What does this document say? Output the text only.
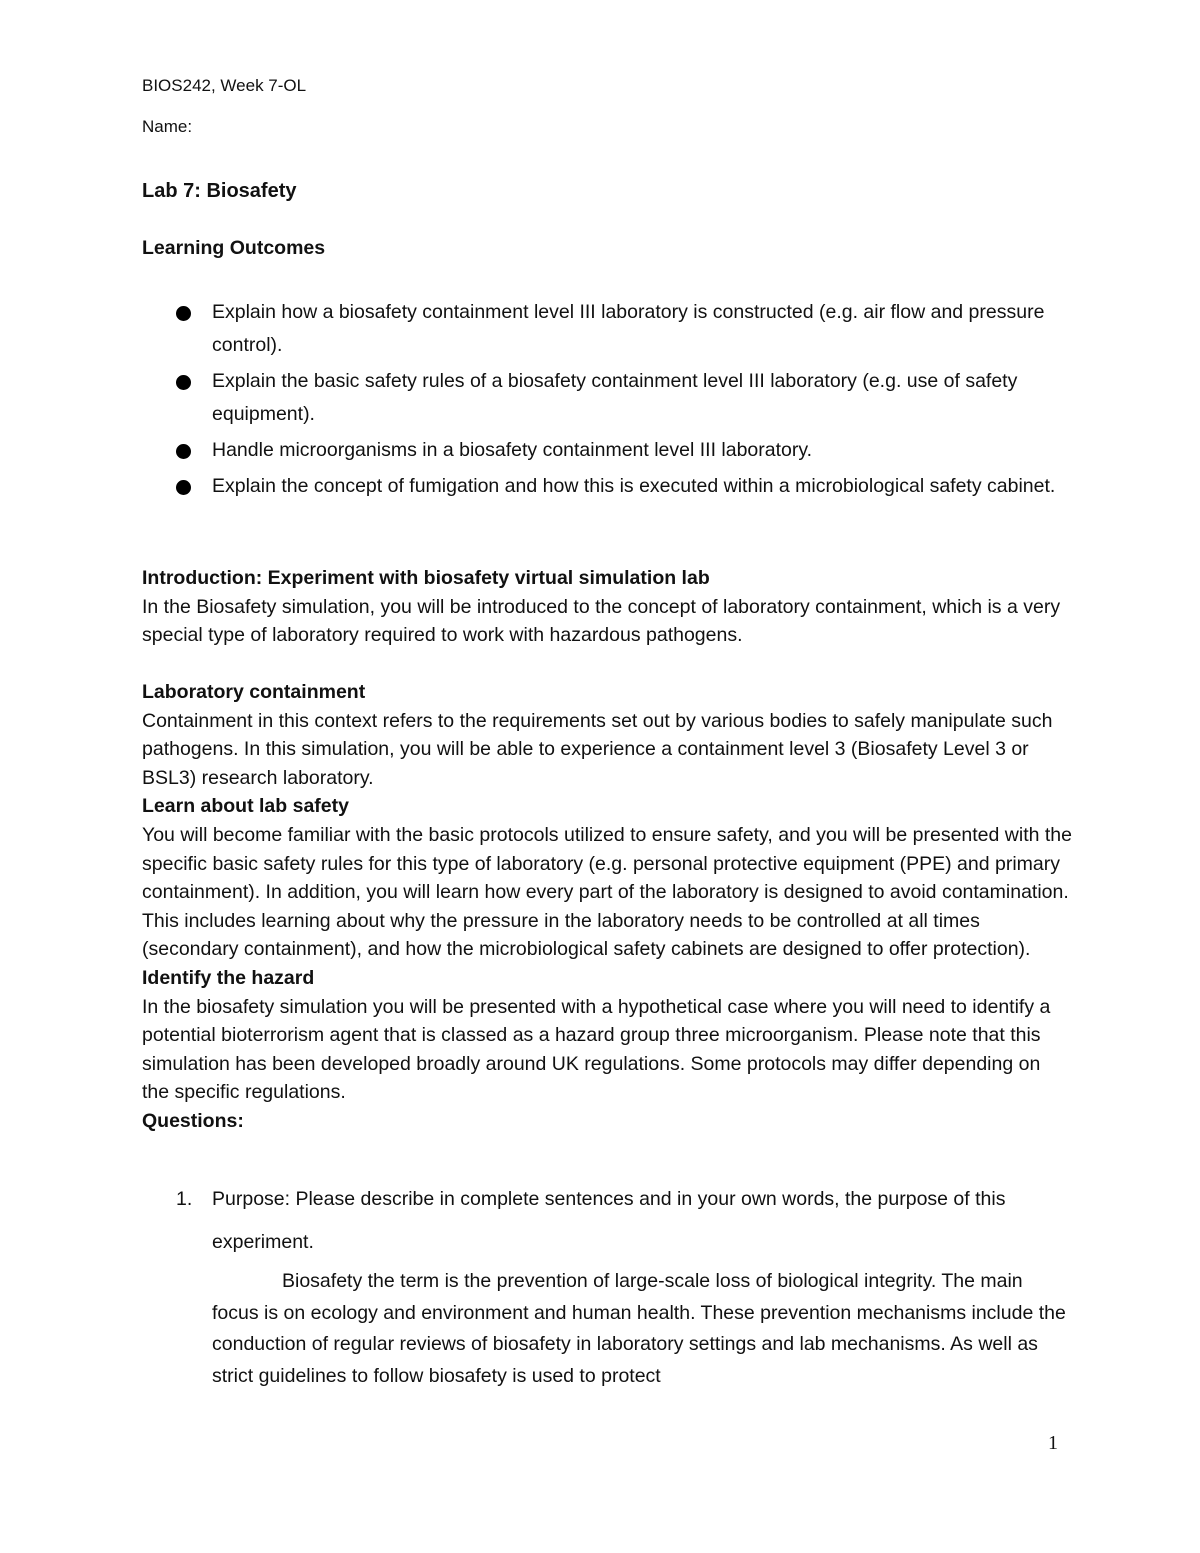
BIOS242, Week 7-OL
Name:
Lab 7: Biosafety
Learning Outcomes
Explain how a biosafety containment level III laboratory is constructed (e.g. air flow and pressure control).
Explain the basic safety rules of a biosafety containment level III laboratory (e.g. use of safety equipment).
Handle microorganisms in a biosafety containment level III laboratory.
Explain the concept of fumigation and how this is executed within a microbiological safety cabinet.

Introduction: Experiment with biosafety virtual simulation lab
In the Biosafety simulation, you will be introduced to the concept of laboratory containment, which is a very special type of laboratory required to work with hazardous pathogens.

Laboratory containment
Containment in this context refers to the requirements set out by various bodies to safely manipulate such pathogens. In this simulation, you will be able to experience a containment level 3 (Biosafety Level 3 or BSL3) research laboratory.
Learn about lab safety
You will become familiar with the basic protocols utilized to ensure safety, and you will be presented with the specific basic safety rules for this type of laboratory (e.g. personal protective equipment (PPE) and primary containment). In addition, you will learn how every part of the laboratory is designed to avoid contamination. This includes learning about why the pressure in the laboratory needs to be controlled at all times (secondary containment), and how the microbiological safety cabinets are designed to offer protection).
Identify the hazard
In the biosafety simulation you will be presented with a hypothetical case where you will need to identify a potential bioterrorism agent that is classed as a hazard group three microorganism. Please note that this simulation has been developed broadly around UK regulations. Some protocols may differ depending on the specific regulations.
Questions:

1. Purpose: Please describe in complete sentences and in your own words, the purpose of this experiment.

Biosafety the term is the prevention of large-scale loss of biological integrity. The main focus is on ecology and environment and human health. These prevention mechanisms include the conduction of regular reviews of biosafety in laboratory settings and lab mechanisms. As well as strict guidelines to follow biosafety is used to protect

1
